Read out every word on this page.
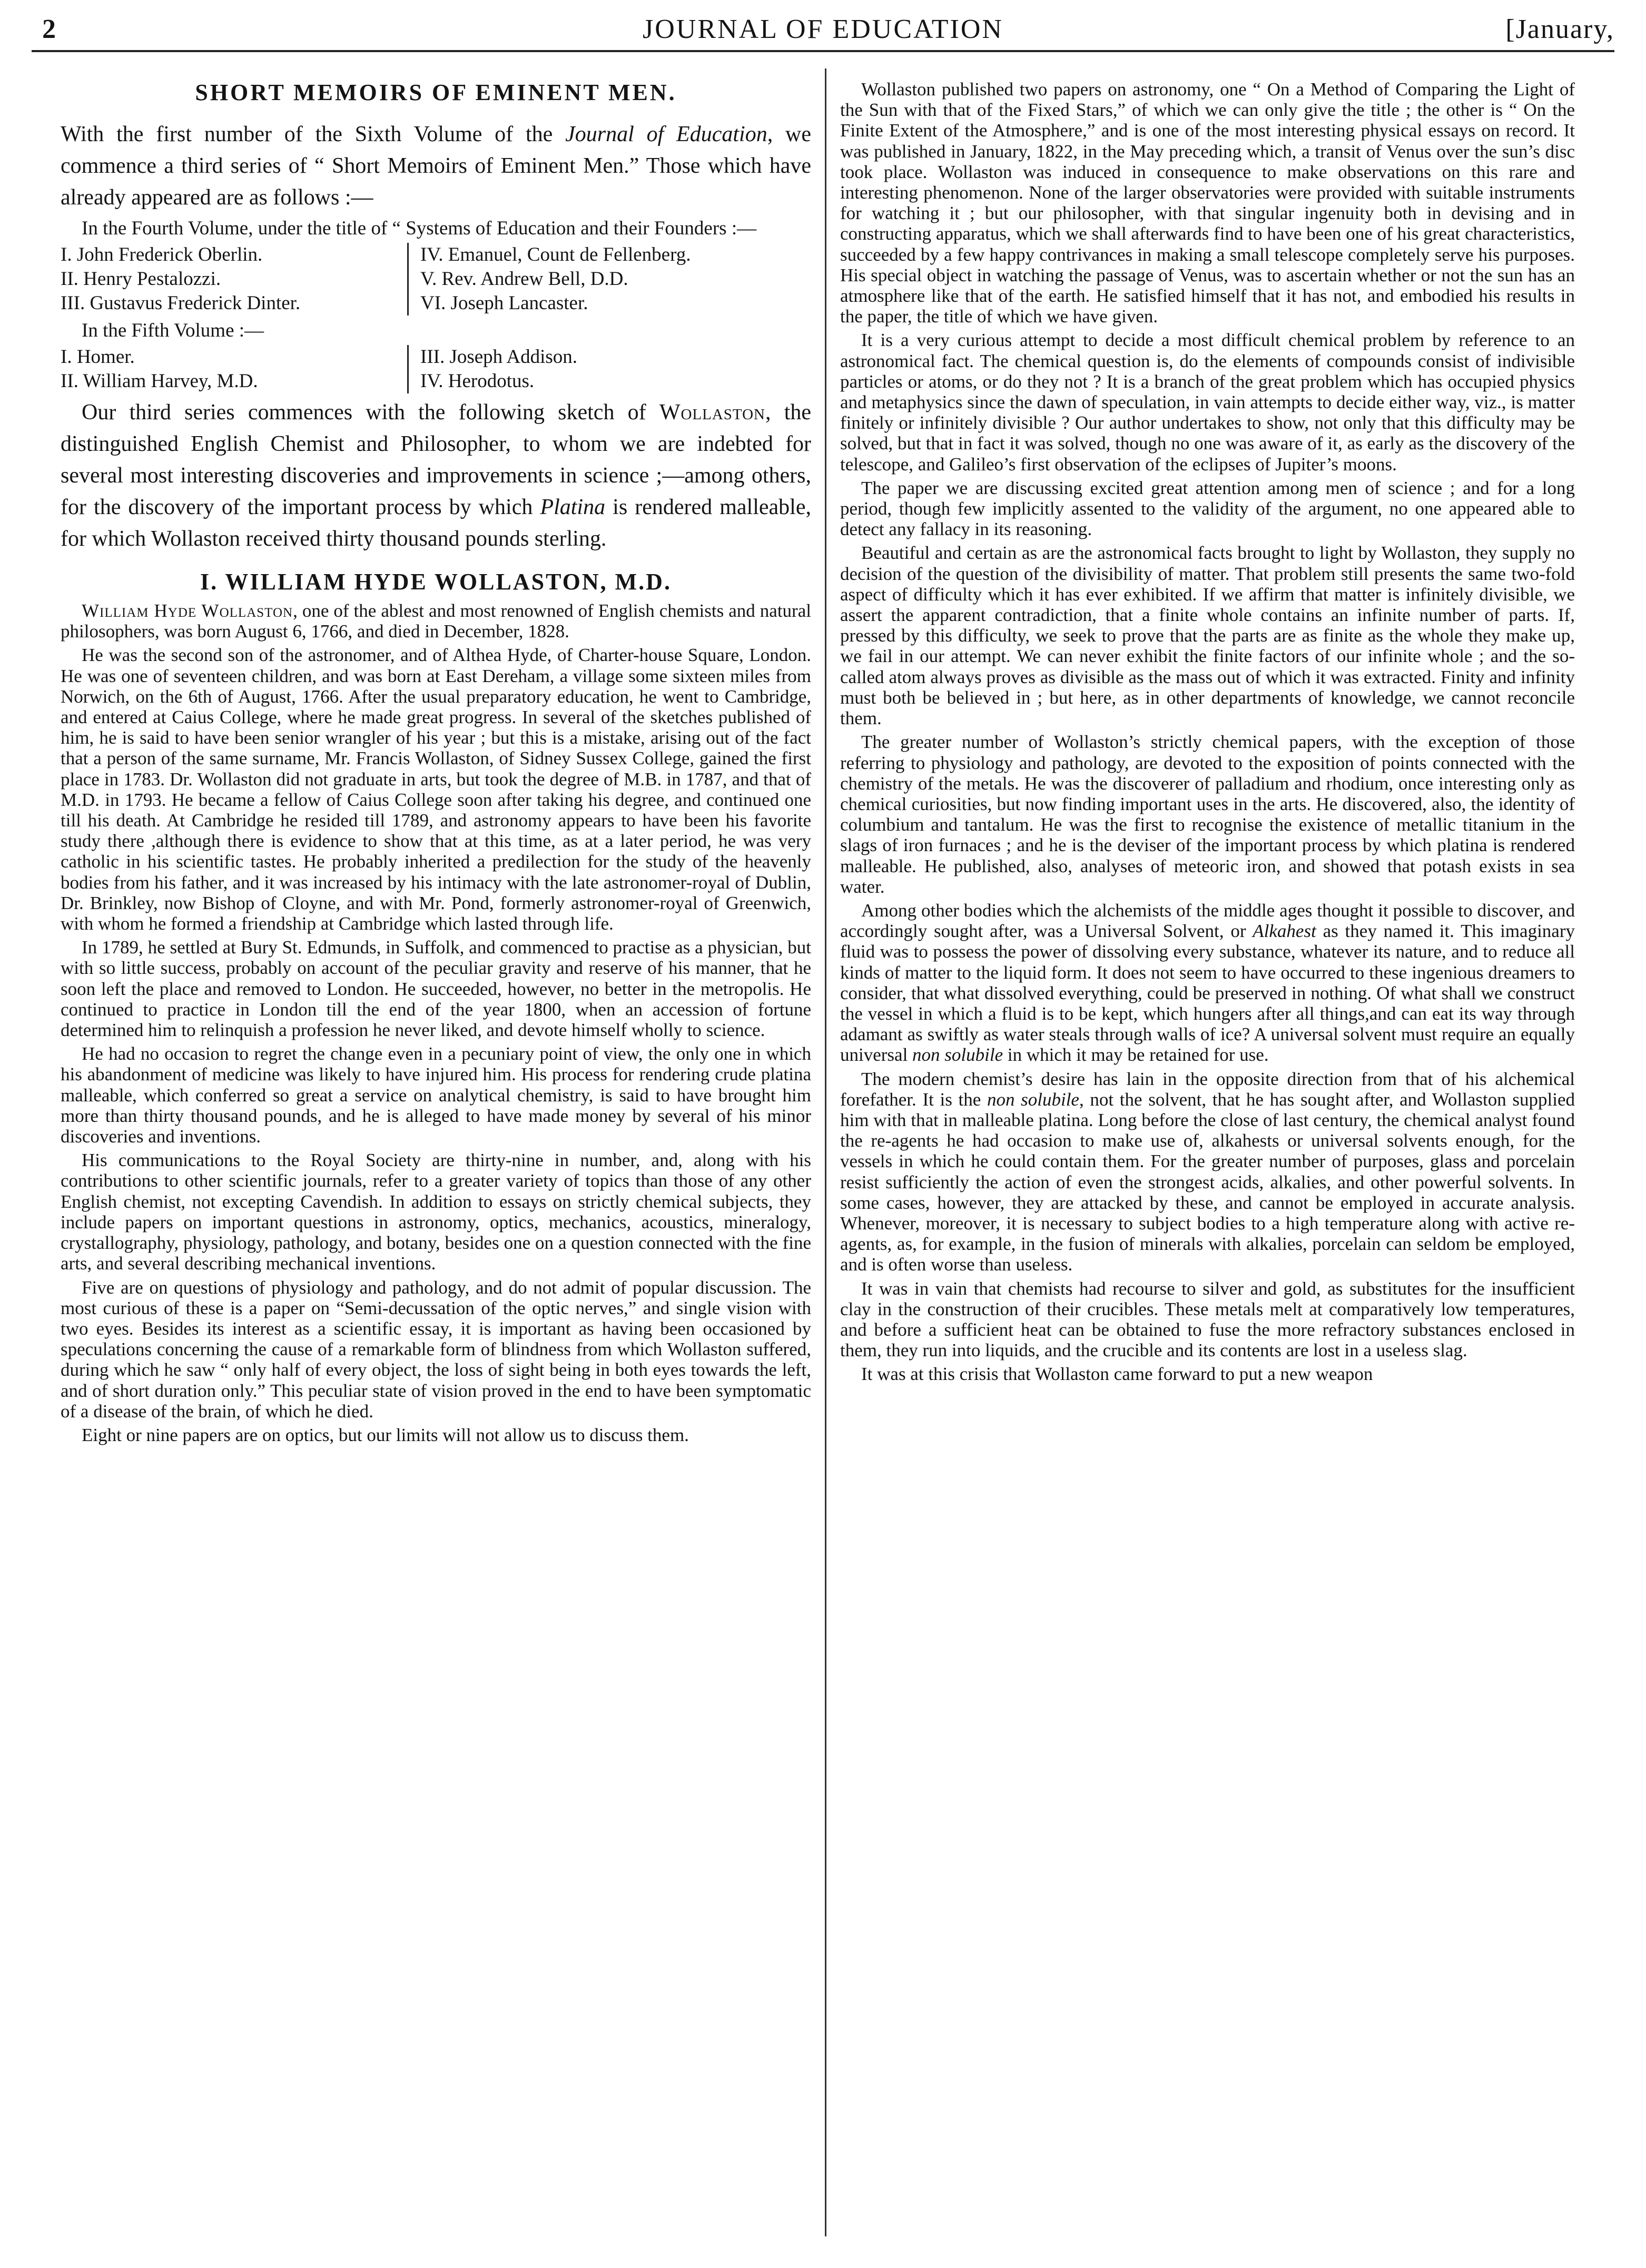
2	JOURNAL OF EDUCATION	[January,
SHORT MEMOIRS OF EMINENT MEN.

With the first number of the Sixth Volume of the Journal of Education, we commence a third series of “ Short Memoirs of Eminent Men.” Those which have already appeared are as follows :—

In the Fourth Volume, under the title of “ Systems of Education and their Founders :—
I. John Frederick Oberlin.
II. Henry Pestalozzi.
III. Gustavus Frederick Dinter.
IV. Emanuel, Count de Fellenberg.
V. Rev. Andrew Bell, D.D.
VI. Joseph Lancaster.
In the Fifth Volume :—
I. Homer.
II. William Harvey, M.D.
III. Joseph Addison.
IV. Herodotus.

Our third series commences with the following sketch of Wollaston, the distinguished English Chemist and Philosopher, to whom we are indebted for several most interesting discoveries and improvements in science ;—among others, for the discovery of the important process by which Platina is rendered malleable, for which Wollaston received thirty thousand pounds sterling.

I. WILLIAM HYDE WOLLASTON, M.D.

William Hyde Wollaston, one of the ablest and most renowned of English chemists and natural philosophers, was born August 6, 1766, and died in December, 1828.

He was the second son of the astronomer, and of Althea Hyde, of Charter-house Square, London. He was one of seventeen children, and was born at East Dereham, a village some sixteen miles from Norwich, on the 6th of August, 1766. After the usual preparatory education, he went to Cambridge, and entered at Caius College, where he made great progress. In several of the sketches published of him, he is said to have been senior wrangler of his year ; but this is a mistake, arising out of the fact that a person of the same surname, Mr. Francis Wollaston, of Sidney Sussex College, gained the first place in 1783. Dr. Wollaston did not graduate in arts, but took the degree of M.B. in 1787, and that of M.D. in 1793. He became a fellow of Caius College soon after taking his degree, and continued one till his death. At Cambridge he resided till 1789, and astronomy appears to have been his favorite study there ,although there is evidence to show that at this time, as at a later period, he was very catholic in his scientific tastes. He probably inherited a predilection for the study of the heavenly bodies from his father, and it was increased by his intimacy with the late astronomer-royal of Dublin, Dr. Brinkley, now Bishop of Cloyne, and with Mr. Pond, formerly astronomer-royal of Greenwich, with whom he formed a friendship at Cambridge which lasted through life.

In 1789, he settled at Bury St. Edmunds, in Suffolk, and commenced to practise as a physician, but with so little success, probably on account of the peculiar gravity and reserve of his manner, that he soon left the place and removed to London. He succeeded, however, no better in the metropolis. He continued to practice in London till the end of the year 1800, when an accession of fortune determined him to relinquish a profession he never liked, and devote himself wholly to science.

He had no occasion to regret the change even in a pecuniary point of view, the only one in which his abandonment of medicine was likely to have injured him. His process for rendering crude platina malleable, which conferred so great a service on analytical chemistry, is said to have brought him more than thirty thousand pounds, and he is alleged to have made money by several of his minor discoveries and inventions.

His communications to the Royal Society are thirty-nine in number, and, along with his contributions to other scientific journals, refer to a greater variety of topics than those of any other English chemist, not excepting Cavendish. In addition to essays on strictly chemical subjects, they include papers on important questions in astronomy, optics, mechanics, acoustics, mineralogy, crystallography, physiology, pathology, and botany, besides one on a question connected with the fine arts, and several describing mechanical inventions.

Five are on questions of physiology and pathology, and do not admit of popular discussion. The most curious of these is a paper on “Semi-decussation of the optic nerves,” and single vision with two eyes. Besides its interest as a scientific essay, it is important as having been occasioned by speculations concerning the cause of a remarkable form of blindness from which Wollaston suffered, during which he saw “ only half of every object, the loss of sight being in both eyes towards the left, and of short duration only.” This peculiar state of vision proved in the end to have been symptomatic of a disease of the brain, of which he died.

Eight or nine papers are on optics, but our limits will not allow us to discuss them.

Wollaston published two papers on astronomy, one “ On a Method of Comparing the Light of the Sun with that of the Fixed Stars,” of which we can only give the title ; the other is “ On the Finite Extent of the Atmosphere,” and is one of the most interesting physical essays on record. It was published in January, 1822, in the May preceding which, a transit of Venus over the sun’s disc took place. Wollaston was induced in consequence to make observations on this rare and interesting phenomenon. None of the larger observatories were provided with suitable instruments for watching it ; but our philosopher, with that singular ingenuity both in devising and in constructing apparatus, which we shall afterwards find to have been one of his great characteristics, succeeded by a few happy contrivances in making a small telescope completely serve his purposes. His special object in watching the passage of Venus, was to ascertain whether or not the sun has an atmosphere like that of the earth. He satisfied himself that it has not, and embodied his results in the paper, the title of which we have given.

It is a very curious attempt to decide a most difficult chemical problem by reference to an astronomical fact. The chemical question is, do the elements of compounds consist of indivisible particles or atoms, or do they not ? It is a branch of the great problem which has occupied physics and metaphysics since the dawn of speculation, in vain attempts to decide either way, viz., is matter finitely or infinitely divisible ? Our author undertakes to show, not only that this difficulty may be solved, but that in fact it was solved, though no one was aware of it, as early as the discovery of the telescope, and Galileo’s first observation of the eclipses of Jupiter’s moons.

The paper we are discussing excited great attention among men of science ; and for a long period, though few implicitly assented to the validity of the argument, no one appeared able to detect any fallacy in its reasoning.

Beautiful and certain as are the astronomical facts brought to light by Wollaston, they supply no decision of the question of the divisibility of matter. That problem still presents the same two-fold aspect of difficulty which it has ever exhibited. If we affirm that matter is infinitely divisible, we assert the apparent contradiction, that a finite whole contains an infinite number of parts. If, pressed by this difficulty, we seek to prove that the parts are as finite as the whole they make up, we fail in our attempt. We can never exhibit the finite factors of our infinite whole ; and the so-called atom always proves as divisible as the mass out of which it was extracted. Finity and infinity must both be believed in ; but here, as in other departments of knowledge, we cannot reconcile them.

The greater number of Wollaston’s strictly chemical papers, with the exception of those referring to physiology and pathology, are devoted to the exposition of points connected with the chemistry of the metals. He was the discoverer of palladium and rhodium, once interesting only as chemical curiosities, but now finding important uses in the arts. He discovered, also, the identity of columbium and tantalum. He was the first to recognise the existence of metallic titanium in the slags of iron furnaces ; and he is the deviser of the important process by which platina is rendered malleable. He published, also, analyses of meteoric iron, and showed that potash exists in sea water.

Among other bodies which the alchemists of the middle ages thought it possible to discover, and accordingly sought after, was a Universal Solvent, or Alkahest as they named it. This imaginary fluid was to possess the power of dissolving every substance, whatever its nature, and to reduce all kinds of matter to the liquid form. It does not seem to have occurred to these ingenious dreamers to consider, that what dissolved everything, could be preserved in nothing. Of what shall we construct the vessel in which a fluid is to be kept, which hungers after all things,and can eat its way through adamant as swiftly as water steals through walls of ice? A universal solvent must require an equally universal non solubile in which it may be retained for use.

The modern chemist’s desire has lain in the opposite direction from that of his alchemical forefather. It is the non solubile, not the solvent, that he has sought after, and Wollaston supplied him with that in malleable platina. Long before the close of last century, the chemical analyst found the re-agents he had occasion to make use of, alkahests or universal solvents enough, for the vessels in which he could contain them. For the greater number of purposes, glass and porcelain resist sufficiently the action of even the strongest acids, alkalies, and other powerful solvents. In some cases, however, they are attacked by these, and cannot be employed in accurate analysis. Whenever, moreover, it is necessary to subject bodies to a high temperature along with active re-agents, as, for example, in the fusion of minerals with alkalies, porcelain can seldom be employed, and is often worse than useless.

It was in vain that chemists had recourse to silver and gold, as substitutes for the insufficient clay in the construction of their crucibles. These metals melt at comparatively low temperatures, and before a sufficient heat can be obtained to fuse the more refractory substances enclosed in them, they run into liquids, and the crucible and its contents are lost in a useless slag.

It was at this crisis that Wollaston came forward to put a new weapon
